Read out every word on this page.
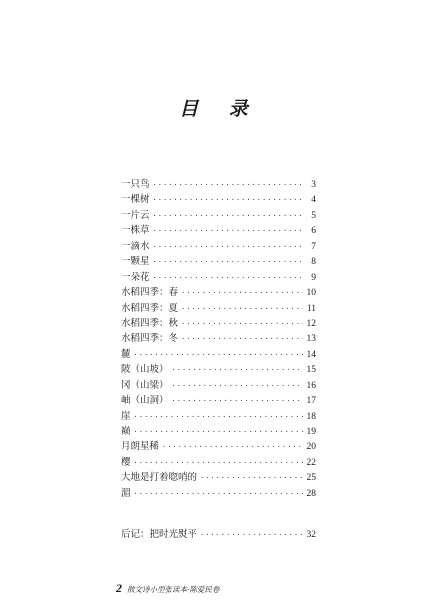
目 录
一只鸟 ·····	3
一棵树 ·····	4
一片云 ·····	5
一株草 ·····	6
一滴水 ·····	7
一颗星 ·····	8
一朵花 ·····	9
水稻四季：春 ·····	10
水稻四季：夏 ·····	11
水稻四季：秋 ·····	12
水稻四季：冬 ·····	13
麓 ·····	14
陂（山坡） ·····	15
冈（山梁） ·····	16
岫（山洞） ·····	17
崖 ·····	18
巅 ·····	19
月朗星稀 ·····	20
樱 ·····	22
大地是打着唿哨的 ·····	25
湄 ·····	28
后记：把时光熨平 ·····	32
2 散文诗小型张读本·陈爱民卷
